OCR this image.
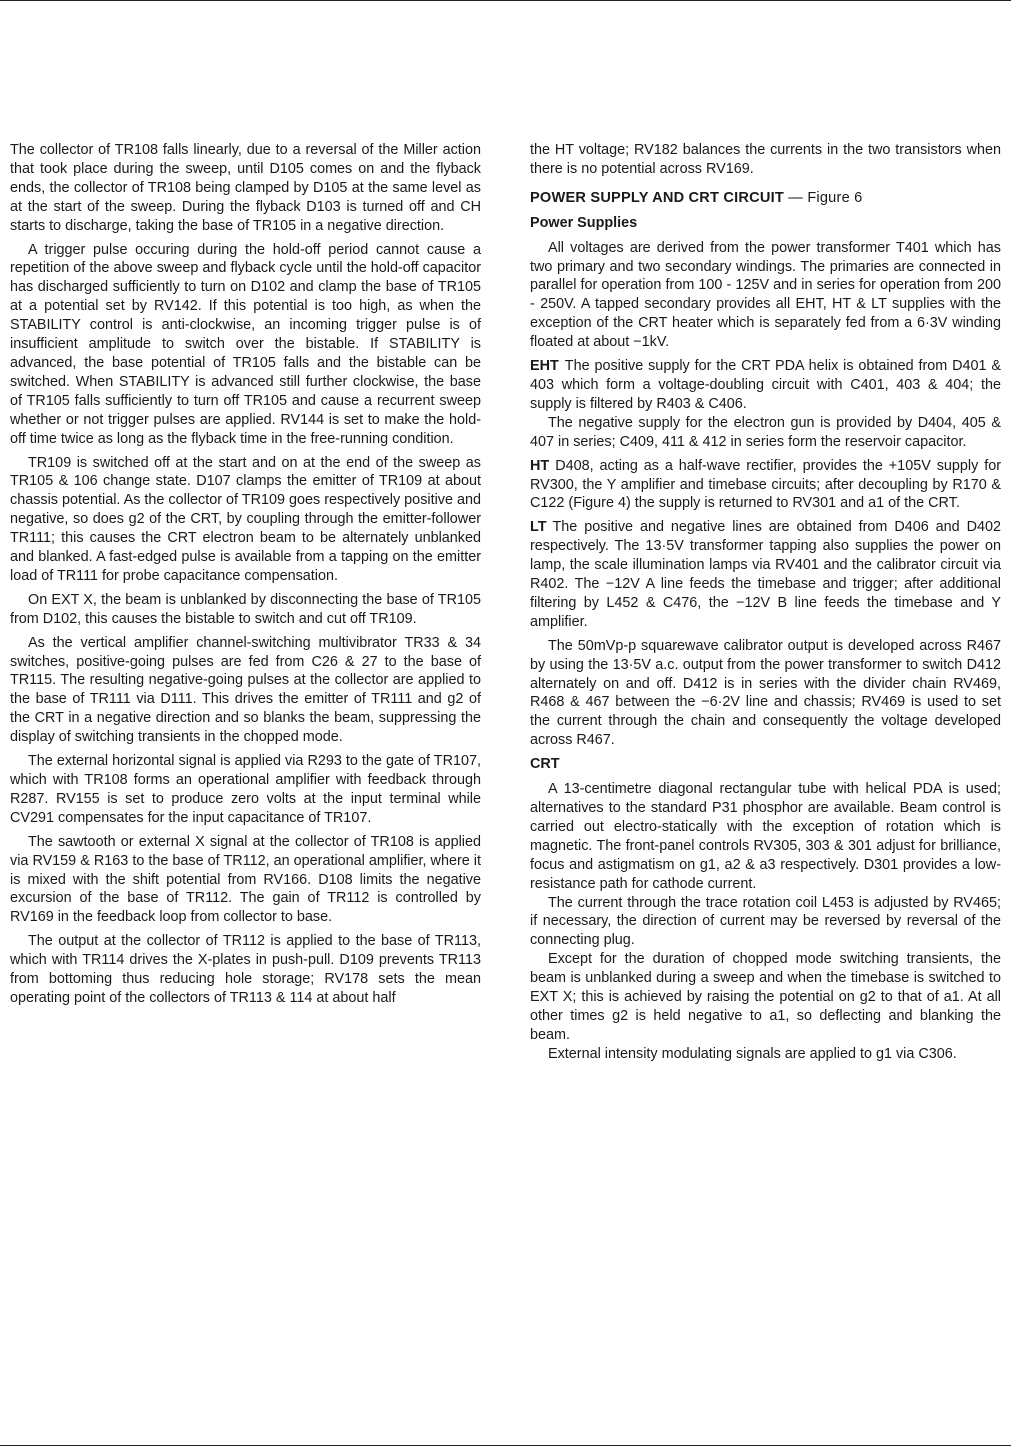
The collector of TR108 falls linearly, due to a reversal of the Miller action that took place during the sweep, until D105 comes on and the flyback ends, the collector of TR108 being clamped by D105 at the same level as at the start of the sweep. During the flyback D103 is turned off and CH starts to discharge, taking the base of TR105 in a negative direction.

A trigger pulse occuring during the hold-off period cannot cause a repetition of the above sweep and flyback cycle until the hold-off capacitor has discharged sufficiently to turn on D102 and clamp the base of TR105 at a potential set by RV142. If this potential is too high, as when the STABILITY control is anti-clockwise, an incoming trigger pulse is of insufficient amplitude to switch over the bistable. If STABILITY is advanced, the base potential of TR105 falls and the bistable can be switched. When STABILITY is advanced still further clockwise, the base of TR105 falls sufficiently to turn off TR105 and cause a recurrent sweep whether or not trigger pulses are applied. RV144 is set to make the hold-off time twice as long as the flyback time in the free-running condition.

TR109 is switched off at the start and on at the end of the sweep as TR105 & 106 change state. D107 clamps the emitter of TR109 at about chassis potential. As the collector of TR109 goes respectively positive and negative, so does g2 of the CRT, by coupling through the emitter-follower TR111; this causes the CRT electron beam to be alternately unblanked and blanked. A fast-edged pulse is available from a tapping on the emitter load of TR111 for probe capacitance compensation.

On EXT X, the beam is unblanked by disconnecting the base of TR105 from D102, this causes the bistable to switch and cut off TR109.

As the vertical amplifier channel-switching multivibrator TR33 & 34 switches, positive-going pulses are fed from C26 & 27 to the base of TR115. The resulting negative-going pulses at the collector are applied to the base of TR111 via D111. This drives the emitter of TR111 and g2 of the CRT in a negative direction and so blanks the beam, suppressing the display of switching transients in the chopped mode.

The external horizontal signal is applied via R293 to the gate of TR107, which with TR108 forms an operational amplifier with feedback through R287. RV155 is set to produce zero volts at the input terminal while CV291 compensates for the input capacitance of TR107.

The sawtooth or external X signal at the collector of TR108 is applied via RV159 & R163 to the base of TR112, an operational amplifier, where it is mixed with the shift potential from RV166. D108 limits the negative excursion of the base of TR112. The gain of TR112 is controlled by RV169 in the feedback loop from collector to base.

The output at the collector of TR112 is applied to the base of TR113, which with TR114 drives the X-plates in push-pull. D109 prevents TR113 from bottoming thus reducing hole storage; RV178 sets the mean operating point of the collectors of TR113 & 114 at about half

the HT voltage; RV182 balances the currents in the two transistors when there is no potential across RV169.

POWER SUPPLY AND CRT CIRCUIT — Figure 6
Power Supplies

All voltages are derived from the power transformer T401 which has two primary and two secondary windings. The primaries are connected in parallel for operation from 100 - 125V and in series for operation from 200 - 250V. A tapped secondary provides all EHT, HT & LT supplies with the exception of the CRT heater which is separately fed from a 6·3V winding floated at about −1kV.

EHT The positive supply for the CRT PDA helix is obtained from D401 & 403 which form a voltage-doubling circuit with C401, 403 & 404; the supply is filtered by R403 & C406.

The negative supply for the electron gun is provided by D404, 405 & 407 in series; C409, 411 & 412 in series form the reservoir capacitor.

HT D408, acting as a half-wave rectifier, provides the +105V supply for RV300, the Y amplifier and timebase circuits; after decoupling by R170 & C122 (Figure 4) the supply is returned to RV301 and a1 of the CRT.

LT The positive and negative lines are obtained from D406 and D402 respectively. The 13·5V transformer tapping also supplies the power on lamp, the scale illumination lamps via RV401 and the calibrator circuit via R402. The −12V A line feeds the timebase and trigger; after additional filtering by L452 & C476, the −12V B line feeds the timebase and Y amplifier.

The 50mVp-p squarewave calibrator output is developed across R467 by using the 13·5V a.c. output from the power transformer to switch D412 alternately on and off. D412 is in series with the divider chain RV469, R468 & 467 between the −6·2V line and chassis; RV469 is used to set the current through the chain and consequently the voltage developed across R467.

CRT

A 13-centimetre diagonal rectangular tube with helical PDA is used; alternatives to the standard P31 phosphor are available. Beam control is carried out electro-statically with the exception of rotation which is magnetic. The front-panel controls RV305, 303 & 301 adjust for brilliance, focus and astigmatism on g1, a2 & a3 respectively. D301 provides a low-resistance path for cathode current.

The current through the trace rotation coil L453 is adjusted by RV465; if necessary, the direction of current may be reversed by reversal of the connecting plug.

Except for the duration of chopped mode switching transients, the beam is unblanked during a sweep and when the timebase is switched to EXT X; this is achieved by raising the potential on g2 to that of a1. At all other times g2 is held negative to a1, so deflecting and blanking the beam.

External intensity modulating signals are applied to g1 via C306.
